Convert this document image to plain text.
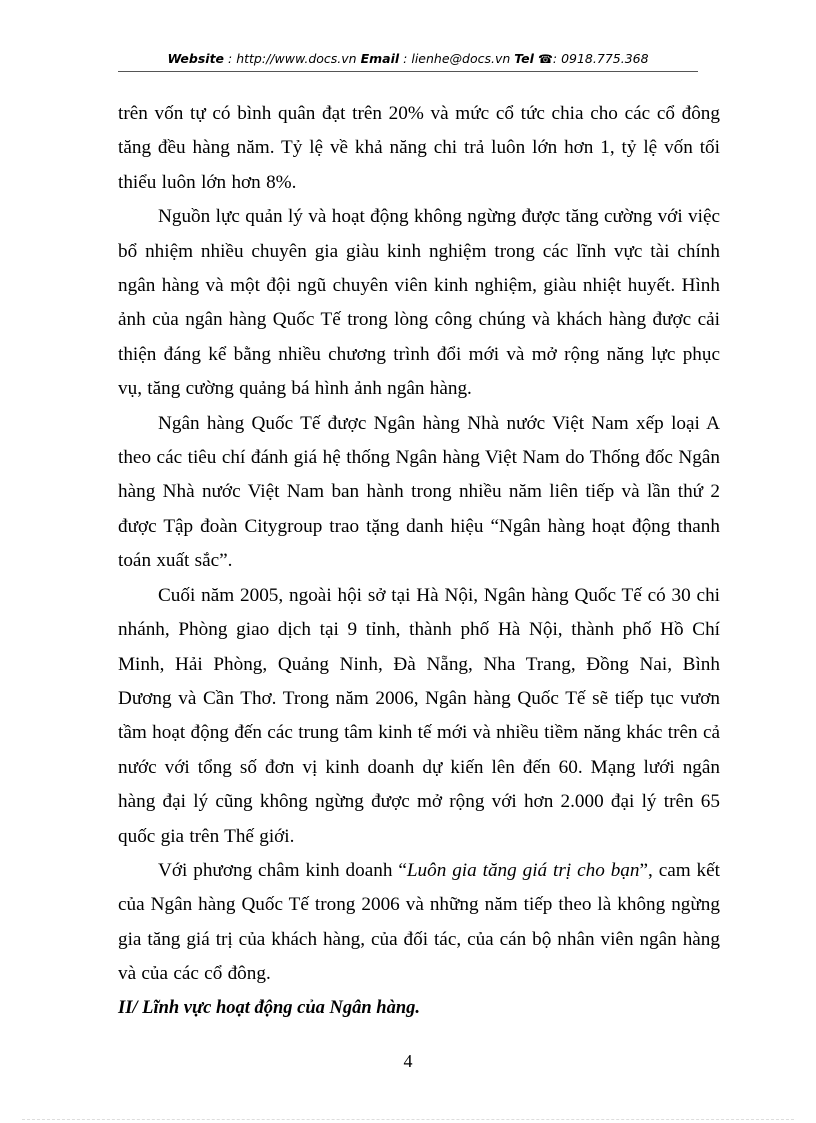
Website : http://www.docs.vn Email : lienhe@docs.vn Tel ☎: 0918.775.368

trên vốn tự có bình quân đạt trên 20% và mức cổ tức chia cho các cổ đông tăng đều hàng năm. Tỷ lệ về khả năng chi trả luôn lớn hơn 1, tỷ lệ vốn tối thiểu luôn lớn hơn 8%.

Nguồn lực quản lý và hoạt động không ngừng được tăng cường với việc bổ nhiệm nhiều chuyên gia giàu kinh nghiệm trong các lĩnh vực tài chính ngân hàng và một đội ngũ chuyên viên kinh nghiệm, giàu nhiệt huyết. Hình ảnh của ngân hàng Quốc Tế trong lòng công chúng và khách hàng được cải thiện đáng kể bằng nhiều chương trình đổi mới và mở rộng năng lực phục vụ, tăng cường quảng bá hình ảnh ngân hàng.

Ngân hàng Quốc Tế được Ngân hàng Nhà nước Việt Nam xếp loại A theo các tiêu chí đánh giá hệ thống Ngân hàng Việt Nam do Thống đốc Ngân hàng Nhà nước Việt Nam ban hành trong nhiều năm liên tiếp và lần thứ 2 được Tập đoàn Citygroup trao tặng danh hiệu “Ngân hàng hoạt động thanh toán xuất sắc”.

Cuối năm 2005, ngoài hội sở tại Hà Nội, Ngân hàng Quốc Tế có 30 chi nhánh, Phòng giao dịch tại 9 tỉnh, thành phố Hà Nội, thành phố Hồ Chí Minh, Hải Phòng, Quảng Ninh, Đà Nẵng, Nha Trang, Đồng Nai, Bình Dương và Cần Thơ. Trong năm 2006, Ngân hàng Quốc Tế sẽ tiếp tục vươn tầm hoạt động đến các trung tâm kinh tế mới và nhiều tiềm năng khác trên cả nước với tổng số đơn vị kinh doanh dự kiến lên đến 60. Mạng lưới ngân hàng đại lý cũng không ngừng được mở rộng với hơn 2.000 đại lý trên 65 quốc gia trên Thế giới.

Với phương châm kinh doanh “Luôn gia tăng giá trị cho bạn”, cam kết của Ngân hàng Quốc Tế trong 2006 và những năm tiếp theo là không ngừng gia tăng giá trị của khách hàng, của đối tác, của cán bộ nhân viên ngân hàng và của các cổ đông.

II/ Lĩnh vực hoạt động của Ngân hàng.
4
